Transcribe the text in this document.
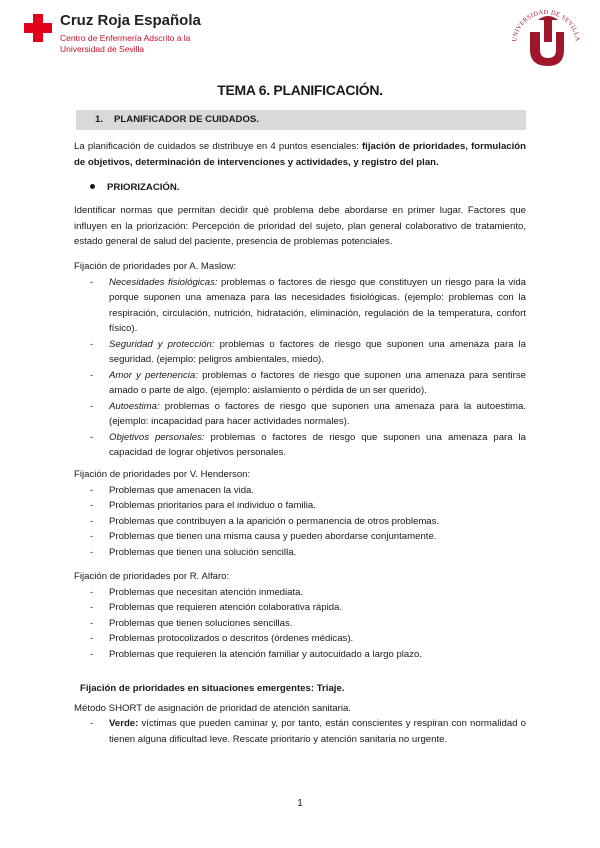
Cruz Roja Española
Centro de Enfermería Adscrito a la
Universidad de Sevilla
UNIVERSIDAD DE SEVILLA
TEMA 6. PLANIFICACIÓN.
1. PLANIFICADOR DE CUIDADOS.
La planificación de cuidados se distribuye en 4 puntos esenciales: fijación de prioridades, formulación de objetivos, determinación de intervenciones y actividades, y registro del plan.
PRIORIZACIÓN.
Identificar normas que permitan decidir qué problema debe abordarse en primer lugar. Factores que influyen en la priorización: Percepción de prioridad del sujeto, plan general colaborativo de tratamiento, estado general de salud del paciente, presencia de problemas potenciales.
Fijación de prioridades por A. Maslow:
- Necesidades fisiológicas: problemas o factores de riesgo que constituyen un riesgo para la vida porque suponen una amenaza para las necesidades fisiológicas. (ejemplo: problemas con la respiración, circulación, nutrición, hidratación, eliminación, regulación de la temperatura, confort físico).
- Seguridad y protección: problemas o factores de riesgo que suponen una amenaza para la seguridad. (ejemplo: peligros ambientales, miedo).
- Amor y pertenencia: problemas o factores de riesgo que suponen una amenaza para sentirse amado o parte de algo. (ejemplo: aislamiento o pérdida de un ser querido).
- Autoestima: problemas o factores de riesgo que suponen una amenaza para la autoestima. (ejemplo: incapacidad para hacer actividades normales).
- Objetivos personales: problemas o factores de riesgo que suponen una amenaza para la capacidad de lograr objetivos personales.
Fijación de prioridades por V. Henderson:
- Problemas que amenacen la vida.
- Problemas prioritarios para el individuo o familia.
- Problemas que contribuyen a la aparición o permanencia de otros problemas.
- Problemas que tienen una misma causa y pueden abordarse conjuntamente.
- Problemas que tienen una solución sencilla.
Fijación de prioridades por R. Alfaro:
- Problemas que necesitan atención inmediata.
- Problemas que requieren atención colaborativa rápida.
- Problemas que tienen soluciones sencillas.
- Problemas protocolizados o descritos (órdenes médicas).
- Problemas que requieren la atención familiar y autocuidado a largo plazo.
Fijación de prioridades en situaciones emergentes: Triaje.
Método SHORT de asignación de prioridad de atención sanitaria.
- Verde: víctimas que pueden caminar y, por tanto, están conscientes y respiran con normalidad o tienen alguna dificultad leve. Rescate prioritario y atención sanitaria no urgente.
1
